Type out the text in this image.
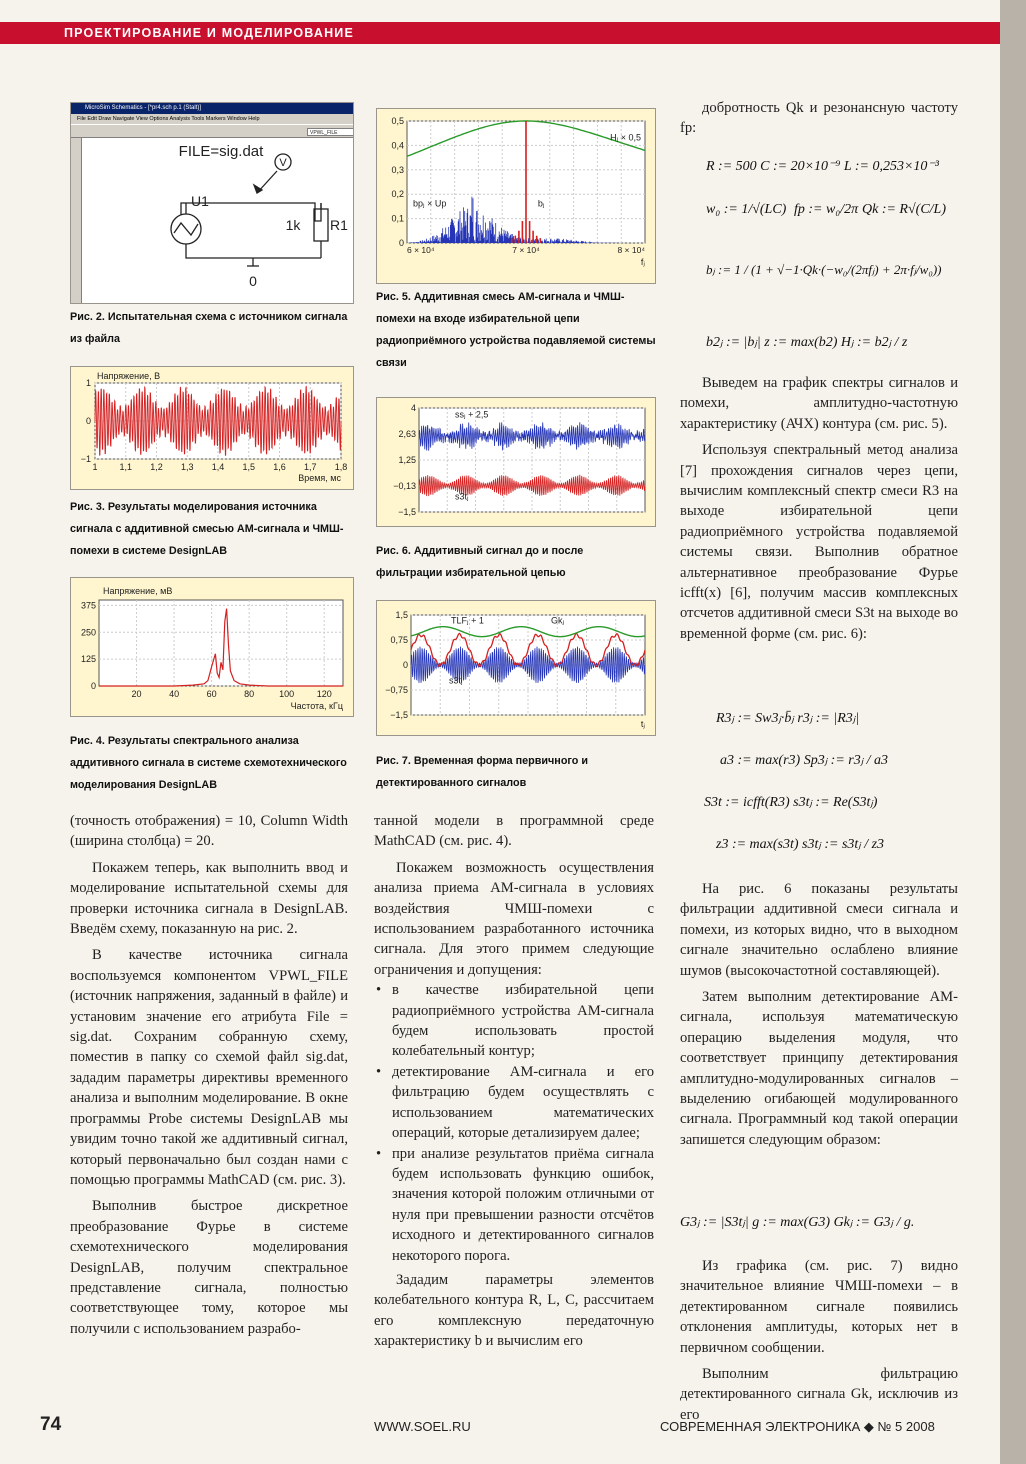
ПРОЕКТИРОВАНИЕ И МОДЕЛИРОВАНИЕ
MicroSim Schematics - [*pr4.sch p.1 (Stalt)]
File Edit Draw Navigate View Options Analysis Tools Markers Window Help
VPWL_FILE
FILE=sig.dat
U1
V
1k R1
0
Рис. 2. Испытательная схема с источником сигнала из файла
1
0
−1
1 1,1 1,2 1,3 1,4 1,5 1,6 1,7 1,8
Напряжение, В
Время, мс
Рис. 3. Результаты моделирования источника сигнала с аддитивной смесью АМ-сигнала и ЧМШ-помехи в системе DesignLAB
375
250
125
0
20	40	60	80	100	120
Напряжение, мВ
Частота, кГц
Рис. 4. Результаты спектрального анализа аддитивного сигнала в системе схемотехнического моделирования DesignLAB
0,5
0,4
0,3
0,2
0,1
0
6 × 10⁴	7 × 10⁴	8 × 10⁴
fⱼ
bpⱼ × Up	bⱼ
Hⱼ × 0,5
Рис. 5. Аддитивная смесь АМ-сигнала и ЧМШ-помехи на входе избирательной цепи радиоприёмного устройства подавляемой системы связи
4
2,63
1,25
−0,13
−1,5
ssⱼ + 2,5
s3tⱼ
Рис. 6. Аддитивный сигнал до и после фильтрации избирательной цепью
1,5
0,75
0
−0,75
−1,5
tⱼ
TLFⱼ + 1	Gkⱼ
s3tⱼ
Рис. 7. Временная форма первичного и детектированного сигналов

(точность отображения) = 10, Column Width (ширина столбца) = 20.

Покажем теперь, как выполнить ввод и моделирование испытательной схемы для проверки источника сигнала в DesignLAB. Введём схему, показанную на рис. 2.

В качестве источника сигнала воспользуемся компонентом VPWL_FILE (источник напряжения, заданный в файле) и установим значение его атрибута File = sig.dat. Сохраним собранную схему, поместив в папку со схемой файл sig.dat, зададим параметры директивы временного анализа и выполним моделирование. В окне программы Probe системы DesignLAB мы увидим точно такой же аддитивный сигнал, который первоначально был создан нами с помощью программы MathCAD (см. рис. 3).

Выполнив быстрое дискретное преобразование Фурье в системе схемотехнического моделирования DesignLAB, получим спектральное представление сигнала, полностью соответствующее тому, которое мы получили с использованием разрабо-

танной модели в программной среде MathCAD (см. рис. 4).

Покажем возможность осуществления анализа приема АМ-сигнала в условиях воздействия ЧМШ-помехи с использованием разработанного источника сигнала. Для этого примем следующие ограничения и допущения:

• в качестве избирательной цепи радиоприёмного устройства АМ-сигнала будем использовать простой колебательный контур;
• детектирование АМ-сигнала и его фильтрацию будем осуществлять с использованием математических операций, которые детализируем далее;
• при анализе результатов приёма сигнала будем использовать функцию ошибок, значения которой положим отличными от нуля при превышении разности отсчётов исходного и детектированного сигналов некоторого порога.

Зададим параметры элементов колебательного контура R, L, C, рассчитаем его комплексную передаточную характеристику b и вычислим его

добротность Qk и резонансную частоту fp:

R := 500 C := 20×10⁻⁹ L := 0,253×10⁻³
w₀ := 1/√(LC) fp := w₀/2π Qk := R√(C/L)
bⱼ := 1 / (1 + √−1·Qk·(−w₀/(2πfⱼ) + 2π·fⱼ/w₀))
b2ⱼ := |bⱼ| z := max(b2) Hⱼ := b2ⱼ / z

Выведем на график спектры сигналов и помехи, амплитудно-частотную характеристику (АЧХ) контура (см. рис. 5).

Используя спектральный метод анализа [7] прохождения сигналов через цепи, вычислим комплексный спектр смеси R3 на выходе избирательной цепи радиоприёмного устройства подавляемой системы связи. Выполнив обратное альтернативное преобразование Фурье icfft(x) [6], получим массив комплексных отсчетов аддитивной смеси S3t на выходе во временной форме (см. рис. 6):

R3ⱼ := Sw3ⱼ·b̄ⱼ r3ⱼ := |R3ⱼ|
a3 := max(r3) Sp3ⱼ := r3ⱼ / a3
S3t := icfft(R3) s3tⱼ := Re(S3tⱼ)
z3 := max(s3t) s3tⱼ := s3tⱼ / z3

На рис. 6 показаны результаты фильтрации аддитивной смеси сигнала и помехи, из которых видно, что в выходном сигнале значительно ослаблено влияние шумов (высокочастотной составляющей).

Затем выполним детектирование АМ-сигнала, используя математическую операцию выделения модуля, что соответствует принципу детектирования амплитудно-модулированных сигналов – выделению огибающей модулированного сигнала. Программный код такой операции запишется следующим образом:

G3ⱼ := |S3tⱼ| g := max(G3) Gkⱼ := G3ⱼ / g.

Из графика (см. рис. 7) видно значительное влияние ЧМШ-помехи – в детектированном сигнале появились отклонения амплитуды, которых нет в первичном сообщении.

Выполним фильтрацию детектированного сигнала Gk, исключив из его

74	WWW.SOEL.RU	СОВРЕМЕННАЯ ЭЛЕКТРОНИКА ◆ № 5 2008
